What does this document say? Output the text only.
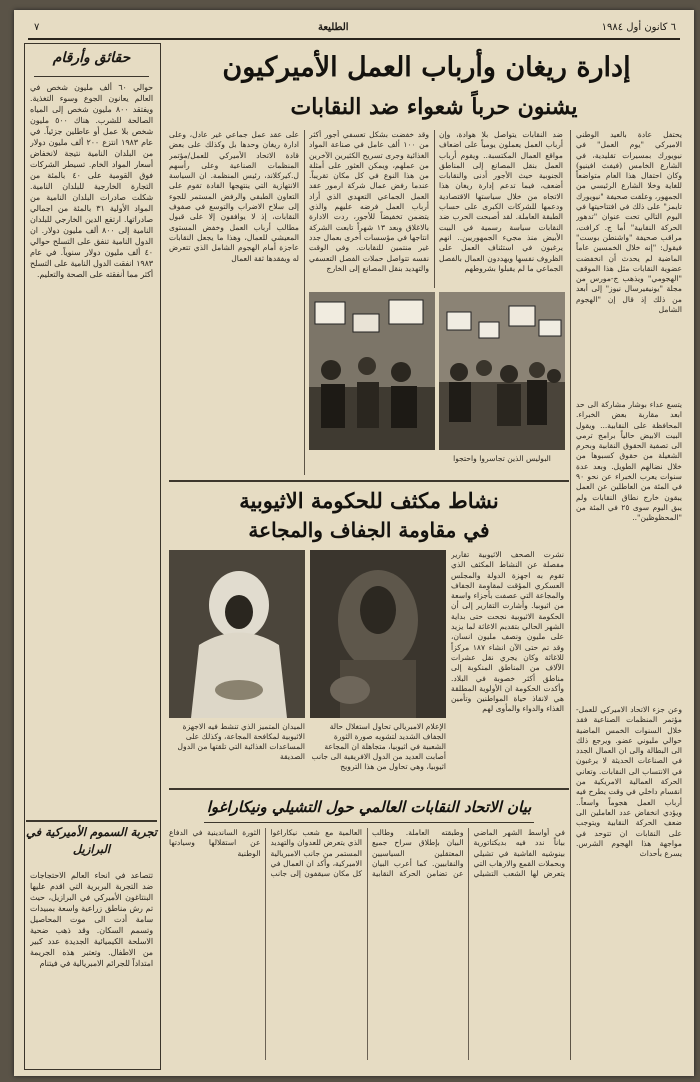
٧	الطليعة	٦ كانون أول ١٩٨٤
حقائق وأرقام
حوالي ٦٠ ألف مليون شخص في العالم يعانون الجوع وسوء التغذية. ويفتقد ٨٠٠ مليون شخص إلى المياه الصالحة للشرب. هناك ٥٠٠ مليون شخص بلا عمل أو عاطلين جزئياً. في عام ١٩٨٣ انتزع ٢٠٠ ألف مليون دولار من البلدان النامية نتيجة لانخفاض أسعار المواد الخام. تسيطر الشركات فوق القومية على ٤٠ بالمئة من التجارة الخارجية للبلدان النامية. شكلت صادرات البلدان النامية من المواد الأولية ٣١ بالمئة من اجمالي صادراتها. ارتفع الدين الخارجي للبلدان النامية إلى ٨٠٠ ألف مليون دولار. ان الدول النامية تنفق على التسلح حوالي ٤٠ ألف مليون دولار سنوياً. في عام ١٩٨٣ انفقت الدول النامية على التسلح أكثر مما أنفقته على الصحة والتعليم.
تجربة السموم الأميركية في البرازيل
تتصاعد في انحاء العالم الاحتجاجات ضد التجربة البربرية التي اقدم عليها البنتاغون الأميركي في البرازيل، حيث تم رش مناطق زراعية واسعة بمبيدات سامة أدت الى موت المحاصيل وتسمم السكان. وقد ذهب ضحية الاسلحة الكيميائية الجديدة عدد كبير من الاطفال. وتعتبر هذه الجريمة امتداداً للجرائم الامبريالية في فيتنام
إدارة ريغان وأرباب العمل الأميركيون
يشنون حرباً شعواء ضد النقابات
يحتفل عادة بالعيد الوطني الاميركي "يوم العمل" في نيويورك بمسيرات تقليدية، في الشارع الخامس (فيفث افينيو) وكان احتفال هذا العام متواضعاً للغاية وخلا الشارع الرئيسي من الجمهور، وعلقت صحيفة "نيويورك تايمز" على ذلك في افتتاحيتها في اليوم التالي تحت عنوان "تدهور الحركة النقابية" أما ج. كرافت، مراقب صحيفة "واشنطن بوست" فيقول: "إنه خلال الخمسين عاماً الماضية لم يحدث أن انخفضت عضوية النقابات مثل هذا الموقف "الهجومي" ويذهب ج-مورس من مجلة "يونيفيرسال نيوز" إلى أبعد من ذلك إذ قال إن "الهجوم الشامل
ضد النقابات يتواصل بلا هوادة، وإن أرباب العمل يعملون يومياً على اضعاف مواقع العمال المكتسبة.. ويقوم أرباب العمل بنقل المصانع إلى المناطق الجنوبية حيث الأجور أدنى والنقابات أضعف، فيما تدعم إدارة ريغان هذا الاتجاه من خلال سياستها الاقتصادية ودعمها للشركات الكبرى على حساب الطبقة العاملة. لقد أصبحت الحرب ضد النقابات سياسة رسمية في البيت الأبيض منذ مجيء الجمهوريين.. انهم يرغبون في استئناف العمل على الظروف نفسها ويهددون العمال بالفصل الجماعي ما لم يقبلوا بشروطهم
وقد خفضت بشكل تعسفي أجور أكثر من ١٠٠ ألف عامل في صناعة المواد الغذائية وجرى تسريح الكثيرين الآخرين من عملهم، ويمكن العثور على أمثلة من هذا النوع في كل مكان تقريباً. عندما رفض عمال شركة ارمور عقد العمل الجماعي التعهدي الذي أراد أرباب العمل فرضه عليهم والذي يتضمن تخفيضاً للأجور، ردت الادارة بالاغلاق وبعد ١٣ شهراً تابعت الشركة انتاجها في مؤسسات أخرى بعمال جدد غير منتمين للنقابات. وفي الوقت نفسه تتواصل حملات الفصل التعسفي والتهديد بنقل المصانع إلى الخارج
على عقد عمل جماعي غير عادل، وعلى ادارة ريغان وحدها بل وكذلك على بعض قادة الاتحاد الأميركي للعمل/مؤتمر المنظمات الصناعية وعلى رأسهم ل.كيركلاند، رئيس المنظمة. ان السياسة الانتهازية التي ينتهجها القادة تقوم على التعاون الطبقي والرفض المستمر للجوء إلى سلاح الاضراب والتوسع في صفوف النقابات، إذ لا يوافقون إلا على قبول مطالب أرباب العمل وخفض المستوى المعيشي للعمال، وهذا ما يجعل النقابات عاجزة أمام الهجوم الشامل الذي تتعرض له ويفقدها ثقة العمال
البوليس الذين تجاسروا واحتجوا
يتسع عداء بوشار مشاركة الى حد ابعد مقاربة بعض الخبراء. المحافظة على النقابية... ويقول البيت الابيض حالياً برامج ترمي الى تصفية الحقوق النقابية وبحرم الشغيلة من حقوق كسبوها من خلال نضالهم الطويل. وبعد عدة سنوات يعرب الخبراء عن نحو ٩٠ في المئة من العاطلين عن العمل يبقون خارج نطاق النقابات ولم يبق اليوم سوى ٢٥ في المئة من "المحظوظين"..
وعن جزء الاتحاد الاميركي للعمل-مؤتمر المنظمات الصناعية فقد خلال السنوات الخمس الماضية حوالي مليوني عضو. ويرجع ذلك الى البطالة والى ان العمال الجدد في الصناعات الحديثة لا يرغبون في الانتساب الى النقابات. وتعاني الحركة العمالية الامريكية من انقسام داخلي في وقت يطرح فيه أرباب العمل هجوماً واسعاً.. ويؤدي انخفاض عدد العاملين الى ضعف الحركة النقابية ويتوجب على النقابات ان تتوحد في مواجهة هذا الهجوم الشرس. يسرع بأحداث
نشاط مكثف للحكومة الاثيوبية
في مقاومة الجفاف والمجاعة
نشرت الصحف الاثيوبية تقارير مفصلة عن النشاط المكثف الذي تقوم به اجهزة الدولة والمجلس العسكري المؤقت لمقاومة الجفاف والمجاعة التي عصفت بأجزاء واسعة من اثيوبيا. وأشارت التقارير إلى أن الحكومة الاثيوبية نجحت حتى بداية الشهر الحالي بتقديم الاغاثة لما يزيد على مليون ونصف مليون انسان، وقد تم حتى الآن انشاء ١٨٧ مركزاً للاغاثة وكان يجري نقل عشرات الآلاف من المناطق المنكوبة إلى مناطق أكثر خصوبة في البلاد. وأكدت الحكومة ان الأولوية المطلقة هي لانقاذ حياة المواطنين وتأمين الغذاء والدواء والمأوى لهم
الإعلام الامبريالي تحاول استغلال حالة الجفاف الشديد لتشويه صورة الثورة الشعبية في اثيوبيا، متجاهلة ان المجاعة أصابت العديد من الدول الافريقية الى جانب اثيوبيا، وهي تحاول من هذا الترويج
الميدان المتميز الذي تنشط فيه الاجهزة الاثيوبية لمكافحة المجاعة، وكذلك على المساعدات الغذائية التي تلقتها من الدول الصديقة
بيان الاتحاد النقابات العالمي حول التشيلي ونيكاراغوا
في أواسط الشهر الماضي بياناً ندد فيه بديكتاتورية بينوشيه الفاشية في تشيلي وبحملات القمع والارهاب التي يتعرض لها الشعب التشيلي وطبقته العاملة. وطالب البيان بإطلاق سراح جميع المعتقلين السياسيين والنقابيين. كما أعرب البيان عن تضامن الحركة النقابية العالمية مع شعب نيكاراغوا الذي يتعرض للعدوان والتهديد المستمر من جانب الامبريالية الاميركية، وأكد ان العمال في كل مكان سيقفون إلى جانب الثورة الساندينية في الدفاع عن استقلالها وسيادتها الوطنية
